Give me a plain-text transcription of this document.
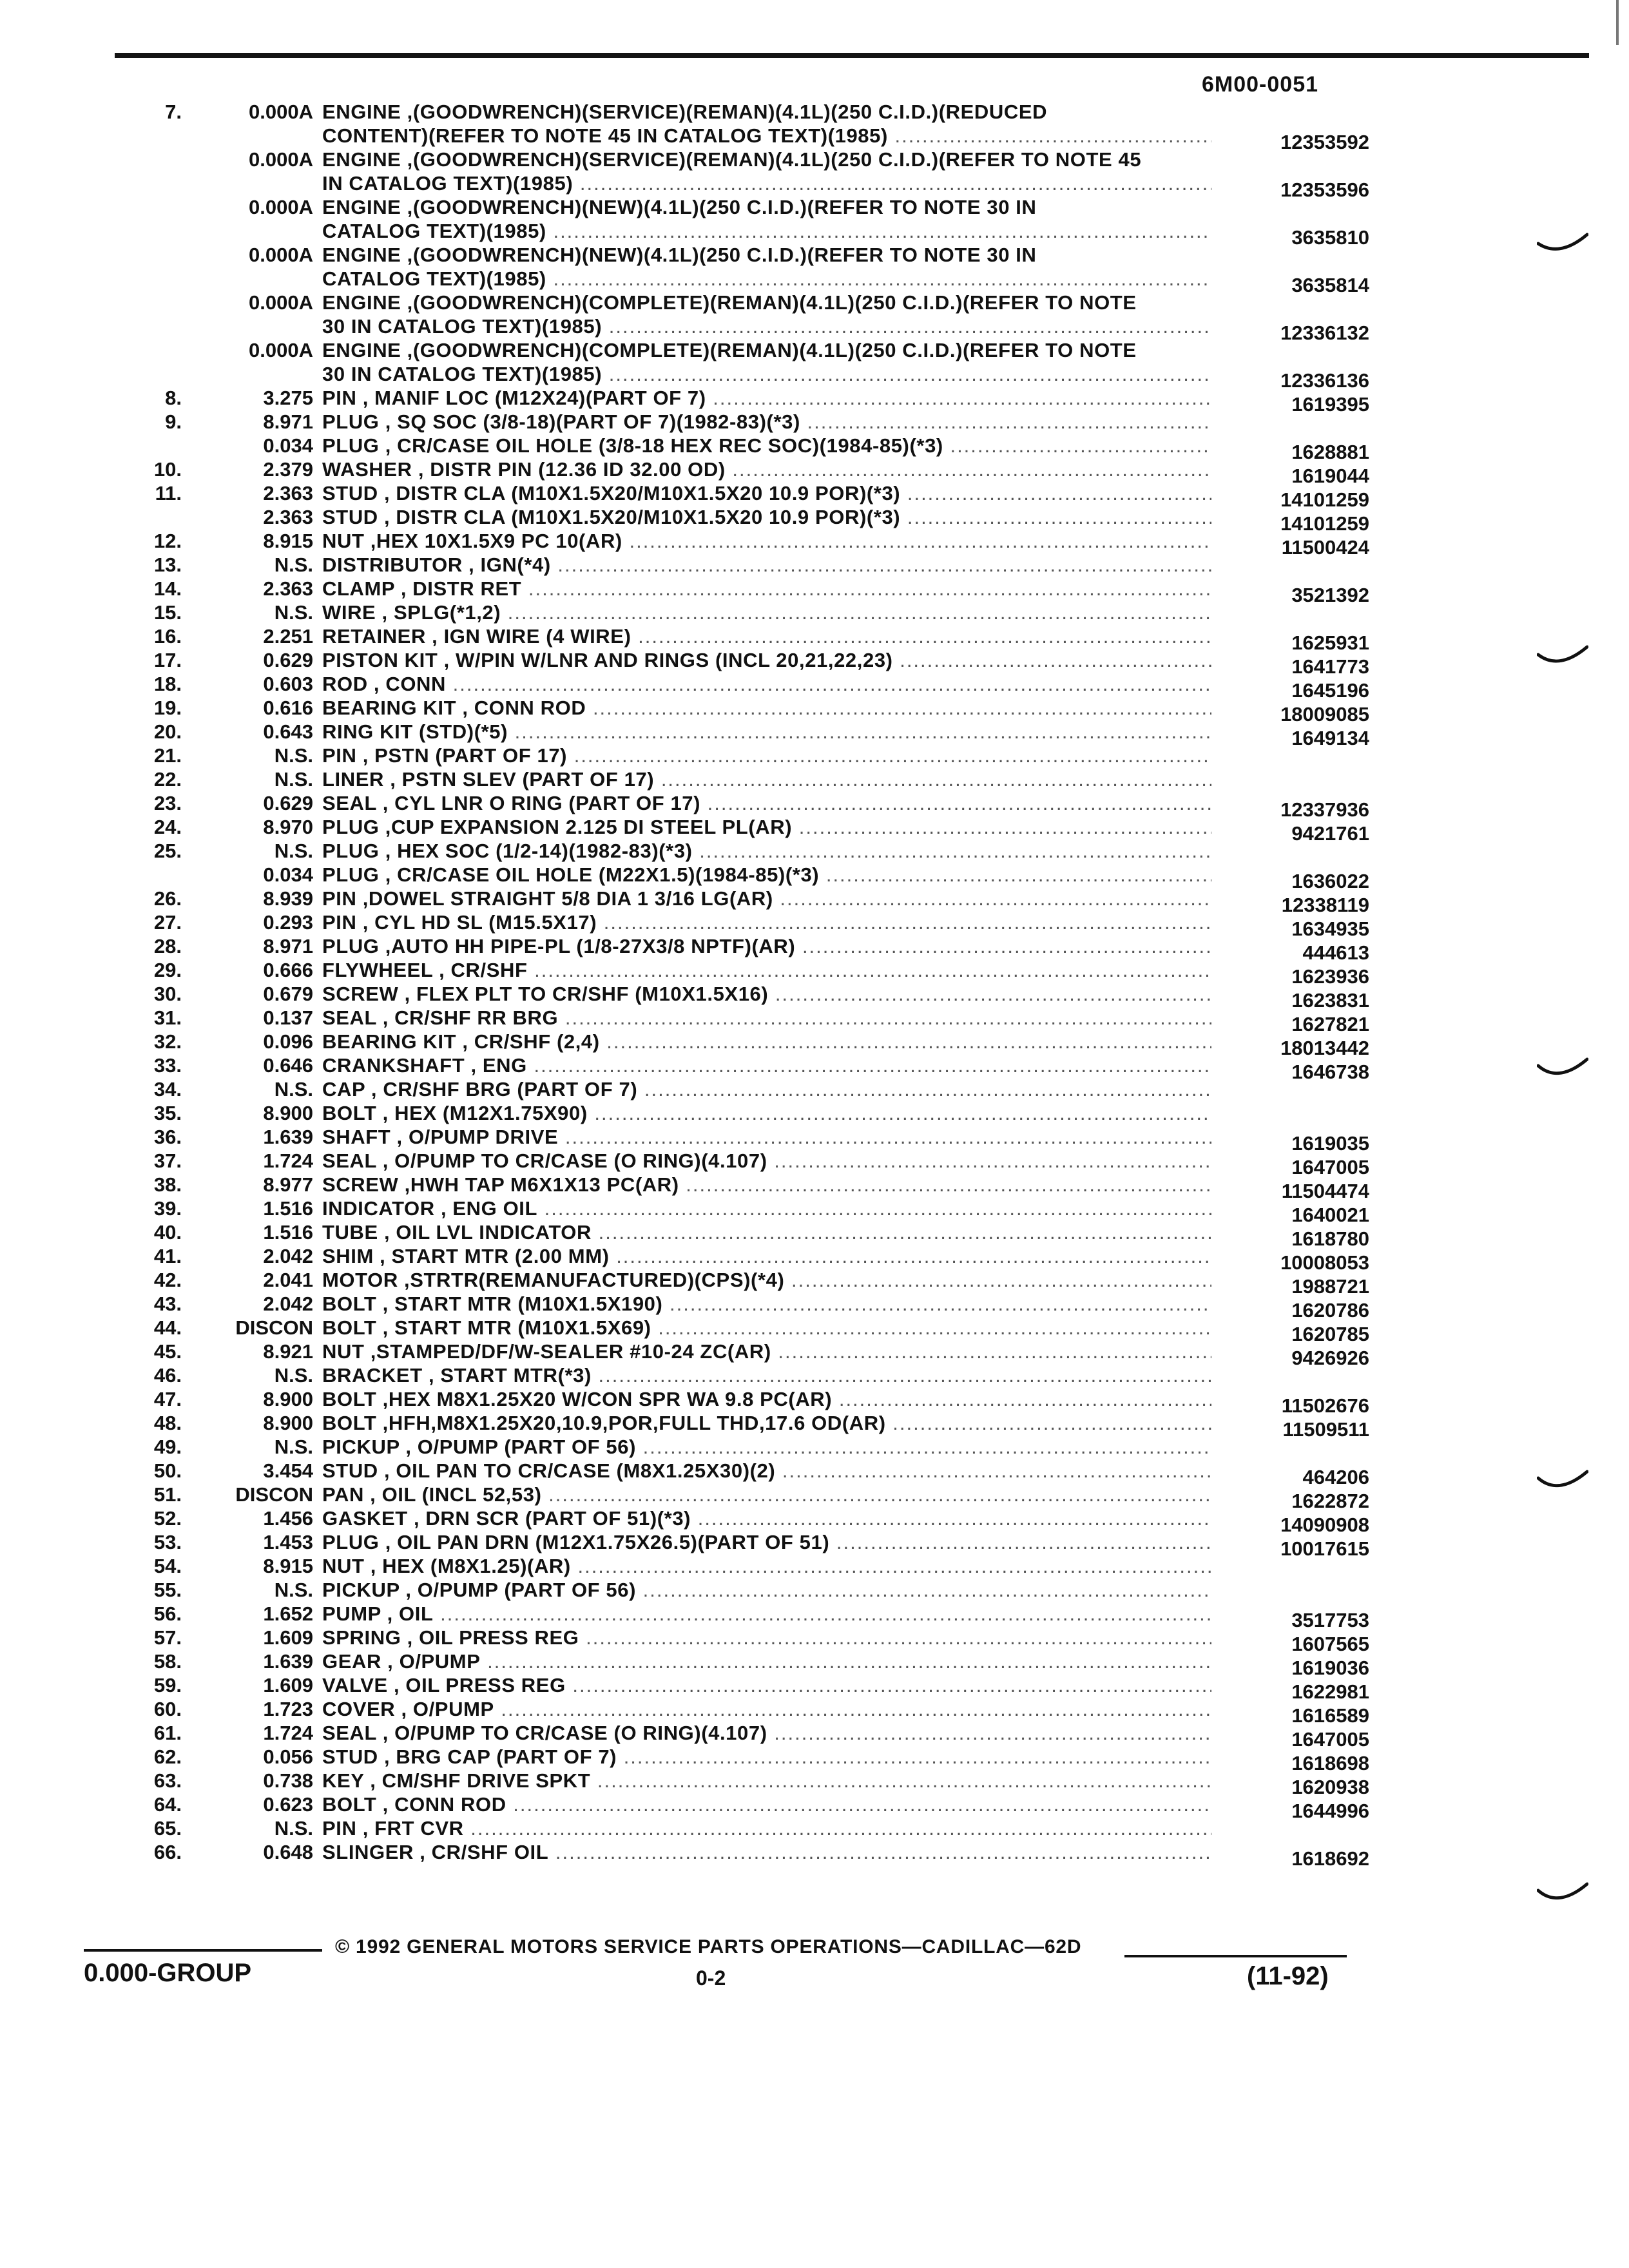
6M00-0051
7.	0.000A ENGINE ,(GOODWRENCH)(SERVICE)(REMAN)(4.1L)(250 C.I.D.)(REDUCED
CONTENT)(REFER TO NOTE 45 IN CATALOG TEXT)(1985) .....	12353592
0.000A ENGINE ,(GOODWRENCH)(SERVICE)(REMAN)(4.1L)(250 C.I.D.)(REFER TO NOTE 45
IN CATALOG TEXT)(1985) .....	12353596
0.000A ENGINE ,(GOODWRENCH)(NEW)(4.1L)(250 C.I.D.)(REFER TO NOTE 30 IN
CATALOG TEXT)(1985) .....	3635810
0.000A ENGINE ,(GOODWRENCH)(NEW)(4.1L)(250 C.I.D.)(REFER TO NOTE 30 IN
CATALOG TEXT)(1985) .....	3635814
0.000A ENGINE ,(GOODWRENCH)(COMPLETE)(REMAN)(4.1L)(250 C.I.D.)(REFER TO NOTE
30 IN CATALOG TEXT)(1985) .....	12336132
0.000A ENGINE ,(GOODWRENCH)(COMPLETE)(REMAN)(4.1L)(250 C.I.D.)(REFER TO NOTE
30 IN CATALOG TEXT)(1985) .....	12336136
8.	3.275 PIN , MANIF LOC (M12X24)(PART OF 7) .....	1619395
9.	8.971 PLUG , SQ SOC (3/8-18)(PART OF 7)(1982-83)(*3) .....
0.034 PLUG , CR/CASE OIL HOLE (3/8-18 HEX REC SOC)(1984-85)(*3) .....	1628881
10.	2.379 WASHER , DISTR PIN (12.36 ID 32.00 OD) .....	1619044
11.	2.363 STUD , DISTR CLA (M10X1.5X20/M10X1.5X20 10.9 POR)(*3) .....	14101259
2.363 STUD , DISTR CLA (M10X1.5X20/M10X1.5X20 10.9 POR)(*3) .....	14101259
12.	8.915 NUT ,HEX 10X1.5X9 PC 10(AR) .....	11500424
13.	N.S. DISTRIBUTOR , IGN(*4) .....
14.	2.363 CLAMP , DISTR RET .....	3521392
15.	N.S. WIRE , SPLG(*1,2) .....
16.	2.251 RETAINER , IGN WIRE (4 WIRE) .....	1625931
17.	0.629 PISTON KIT , W/PIN W/LNR AND RINGS (INCL 20,21,22,23) .....	1641773
18.	0.603 ROD , CONN .....	1645196
19.	0.616 BEARING KIT , CONN ROD .....	18009085
20.	0.643 RING KIT (STD)(*5) .....	1649134
21.	N.S. PIN , PSTN (PART OF 17) .....
22.	N.S. LINER , PSTN SLEV (PART OF 17) .....
23.	0.629 SEAL , CYL LNR O RING (PART OF 17) .....	12337936
24.	8.970 PLUG ,CUP EXPANSION 2.125 DI STEEL PL(AR) .....	9421761
25.	N.S. PLUG , HEX SOC (1/2-14)(1982-83)(*3) .....
0.034 PLUG , CR/CASE OIL HOLE (M22X1.5)(1984-85)(*3) .....	1636022
26.	8.939 PIN ,DOWEL STRAIGHT 5/8 DIA 1 3/16 LG(AR) .....	12338119
27.	0.293 PIN , CYL HD SL (M15.5X17) .....	1634935
28.	8.971 PLUG ,AUTO HH PIPE-PL (1/8-27X3/8 NPTF)(AR) .....	444613
29.	0.666 FLYWHEEL , CR/SHF .....	1623936
30.	0.679 SCREW , FLEX PLT TO CR/SHF (M10X1.5X16) .....	1623831
31.	0.137 SEAL , CR/SHF RR BRG .....	1627821
32.	0.096 BEARING KIT , CR/SHF (2,4) .....	18013442
33.	0.646 CRANKSHAFT , ENG .....	1646738
34.	N.S. CAP , CR/SHF BRG (PART OF 7) .....
35.	8.900 BOLT , HEX (M12X1.75X90) .....
36.	1.639 SHAFT , O/PUMP DRIVE .....	1619035
37.	1.724 SEAL , O/PUMP TO CR/CASE (O RING)(4.107) .....	1647005
38.	8.977 SCREW ,HWH TAP M6X1X13 PC(AR) .....	11504474
39.	1.516 INDICATOR , ENG OIL .....	1640021
40.	1.516 TUBE , OIL LVL INDICATOR .....	1618780
41.	2.042 SHIM , START MTR (2.00 MM) .....	10008053
42.	2.041 MOTOR ,STRTR(REMANUFACTURED)(CPS)(*4) .....	1988721
43.	2.042 BOLT , START MTR (M10X1.5X190) .....	1620786
44.	DISCON BOLT , START MTR (M10X1.5X69) .....	1620785
45.	8.921 NUT ,STAMPED/DF/W-SEALER #10-24 ZC(AR) .....	9426926
46.	N.S. BRACKET , START MTR(*3) .....
47.	8.900 BOLT ,HEX M8X1.25X20 W/CON SPR WA 9.8 PC(AR) .....	11502676
48.	8.900 BOLT ,HFH,M8X1.25X20,10.9,POR,FULL THD,17.6 OD(AR) .....	11509511
49.	N.S. PICKUP , O/PUMP (PART OF 56) .....
50.	3.454 STUD , OIL PAN TO CR/CASE (M8X1.25X30)(2) .....	464206
51.	DISCON PAN , OIL (INCL 52,53) .....	1622872
52.	1.456 GASKET , DRN SCR (PART OF 51)(*3) .....	14090908
53.	1.453 PLUG , OIL PAN DRN (M12X1.75X26.5)(PART OF 51) .....	10017615
54.	8.915 NUT , HEX (M8X1.25)(AR) .....
55.	N.S. PICKUP , O/PUMP (PART OF 56) .....
56.	1.652 PUMP , OIL .....	3517753
57.	1.609 SPRING , OIL PRESS REG .....	1607565
58.	1.639 GEAR , O/PUMP .....	1619036
59.	1.609 VALVE , OIL PRESS REG .....	1622981
60.	1.723 COVER , O/PUMP .....	1616589
61.	1.724 SEAL , O/PUMP TO CR/CASE (O RING)(4.107) .....	1647005
62.	0.056 STUD , BRG CAP (PART OF 7) .....	1618698
63.	0.738 KEY , CM/SHF DRIVE SPKT .....	1620938
64.	0.623 BOLT , CONN ROD .....	1644996
65.	N.S. PIN , FRT CVR .....
66.	0.648 SLINGER , CR/SHF OIL .....	1618692
© 1992 GENERAL MOTORS SERVICE PARTS OPERATIONS—CADILLAC—62D
0.000-GROUP	0-2	(11-92)
